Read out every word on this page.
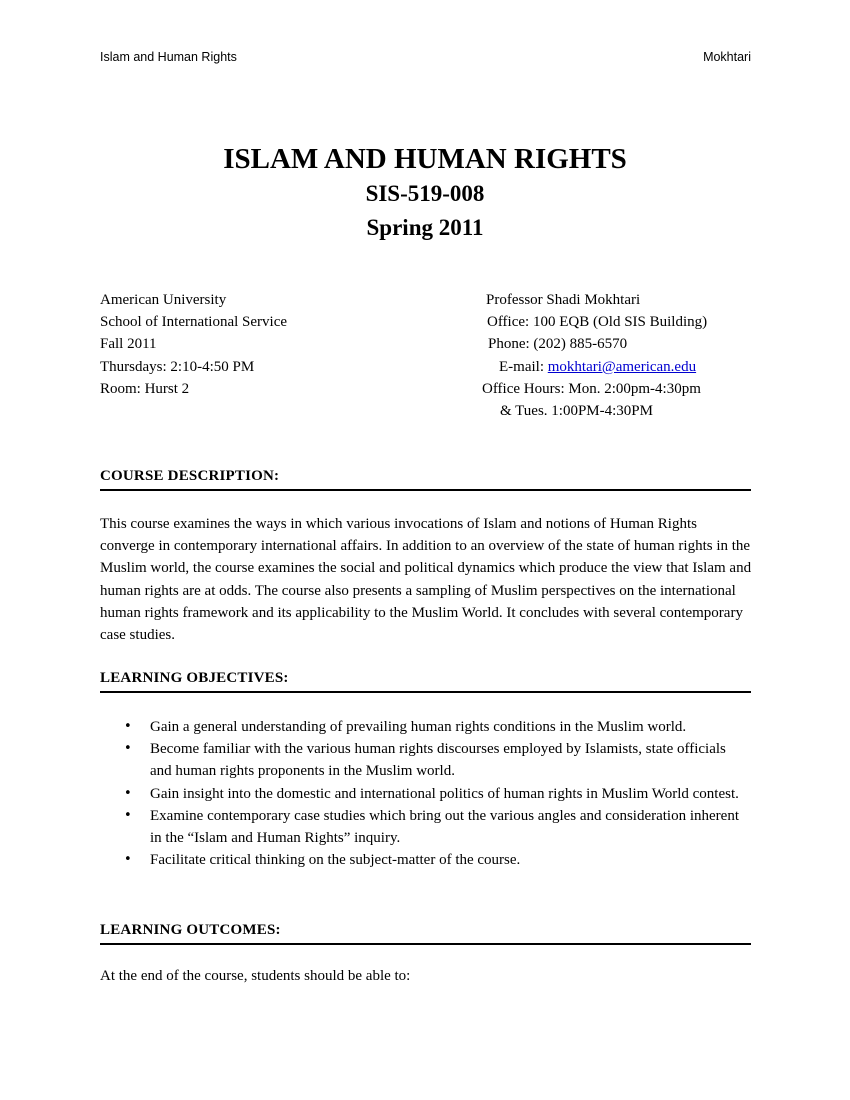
Islam and Human Rights	Mokhtari
ISLAM AND HUMAN RIGHTS
SIS-519-008
Spring 2011
American University
School of International Service
Fall 2011
Thursdays: 2:10-4:50 PM
Room: Hurst 2
Professor Shadi Mokhtari
Office: 100 EQB (Old SIS Building)
Phone: (202) 885-6570
E-mail: mokhtari@american.edu
Office Hours: Mon. 2:00pm-4:30pm
& Tues. 1:00PM-4:30PM
COURSE DESCRIPTION:
This course examines the ways in which various invocations of Islam and notions of Human Rights converge in contemporary international affairs. In addition to an overview of the state of human rights in the Muslim world, the course examines the social and political dynamics which produce the view that Islam and human rights are at odds. The course also presents a sampling of Muslim perspectives on the international human rights framework and its applicability to the Muslim World. It concludes with several contemporary case studies.
LEARNING OBJECTIVES:
• Gain a general understanding of prevailing human rights conditions in the Muslim world.
• Become familiar with the various human rights discourses employed by Islamists, state officials and human rights proponents in the Muslim world.
• Gain insight into the domestic and international politics of human rights in Muslim World contest.
• Examine contemporary case studies which bring out the various angles and consideration inherent in the “Islam and Human Rights” inquiry.
• Facilitate critical thinking on the subject-matter of the course.
LEARNING OUTCOMES:
At the end of the course, students should be able to:
